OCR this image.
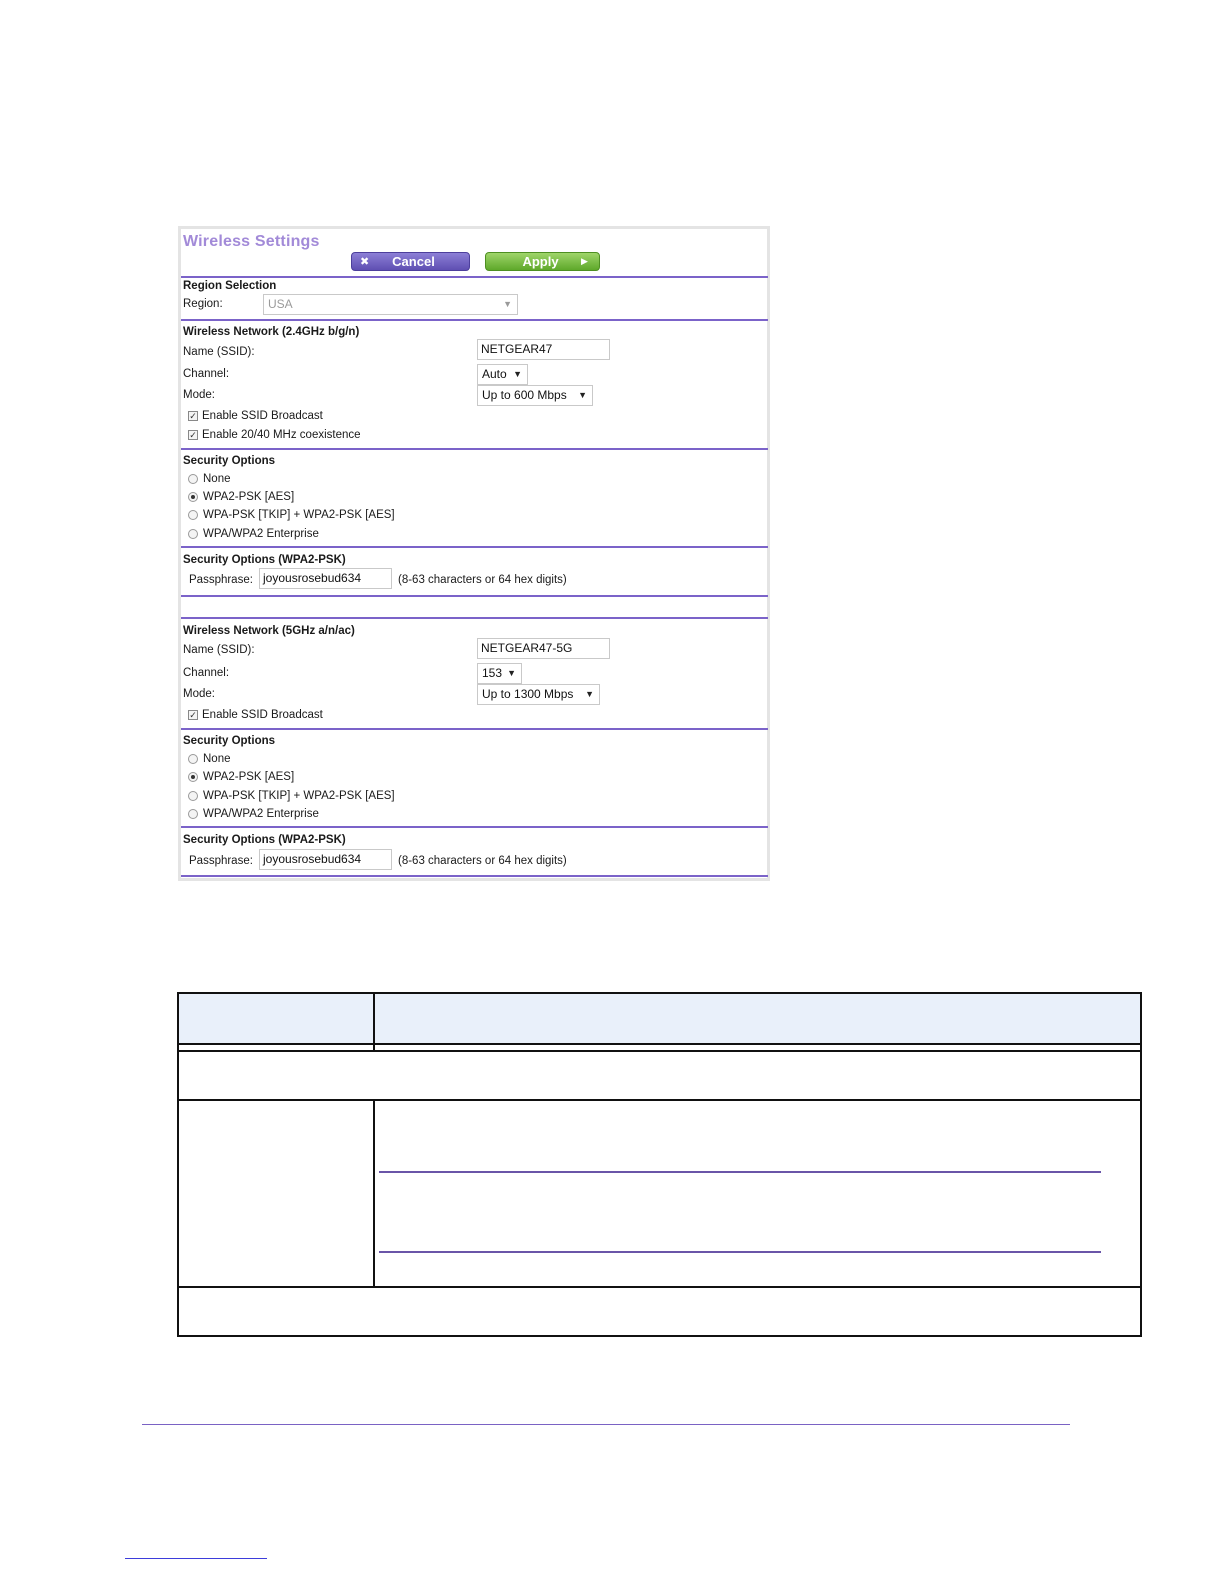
Wireless Settings
✖	Cancel	Apply	▶
Region Selection
Region:	USA	▼
Wireless Network (2.4GHz b/g/n)
Name (SSID):	NETGEAR47
Channel:	Auto ▼
Mode:	Up to 600 Mbps ▼
✓ Enable SSID Broadcast
✓ Enable 20/40 MHz coexistence
Security Options
None
WPA2-PSK [AES]
WPA-PSK [TKIP] + WPA2-PSK [AES]
WPA/WPA2 Enterprise
Security Options (WPA2-PSK)
Passphrase: joyousrosebud634	(8-63 characters or 64 hex digits)
Wireless Network (5GHz a/n/ac)
Name (SSID):	NETGEAR47-5G
Channel:	153 ▼
Mode:	Up to 1300 Mbps ▼
✓ Enable SSID Broadcast
Security Options
None
WPA2-PSK [AES]
WPA-PSK [TKIP] + WPA2-PSK [AES]
WPA/WPA2 Enterprise
Security Options (WPA2-PSK)
Passphrase: joyousrosebud634	(8-63 characters or 64 hex digits)
